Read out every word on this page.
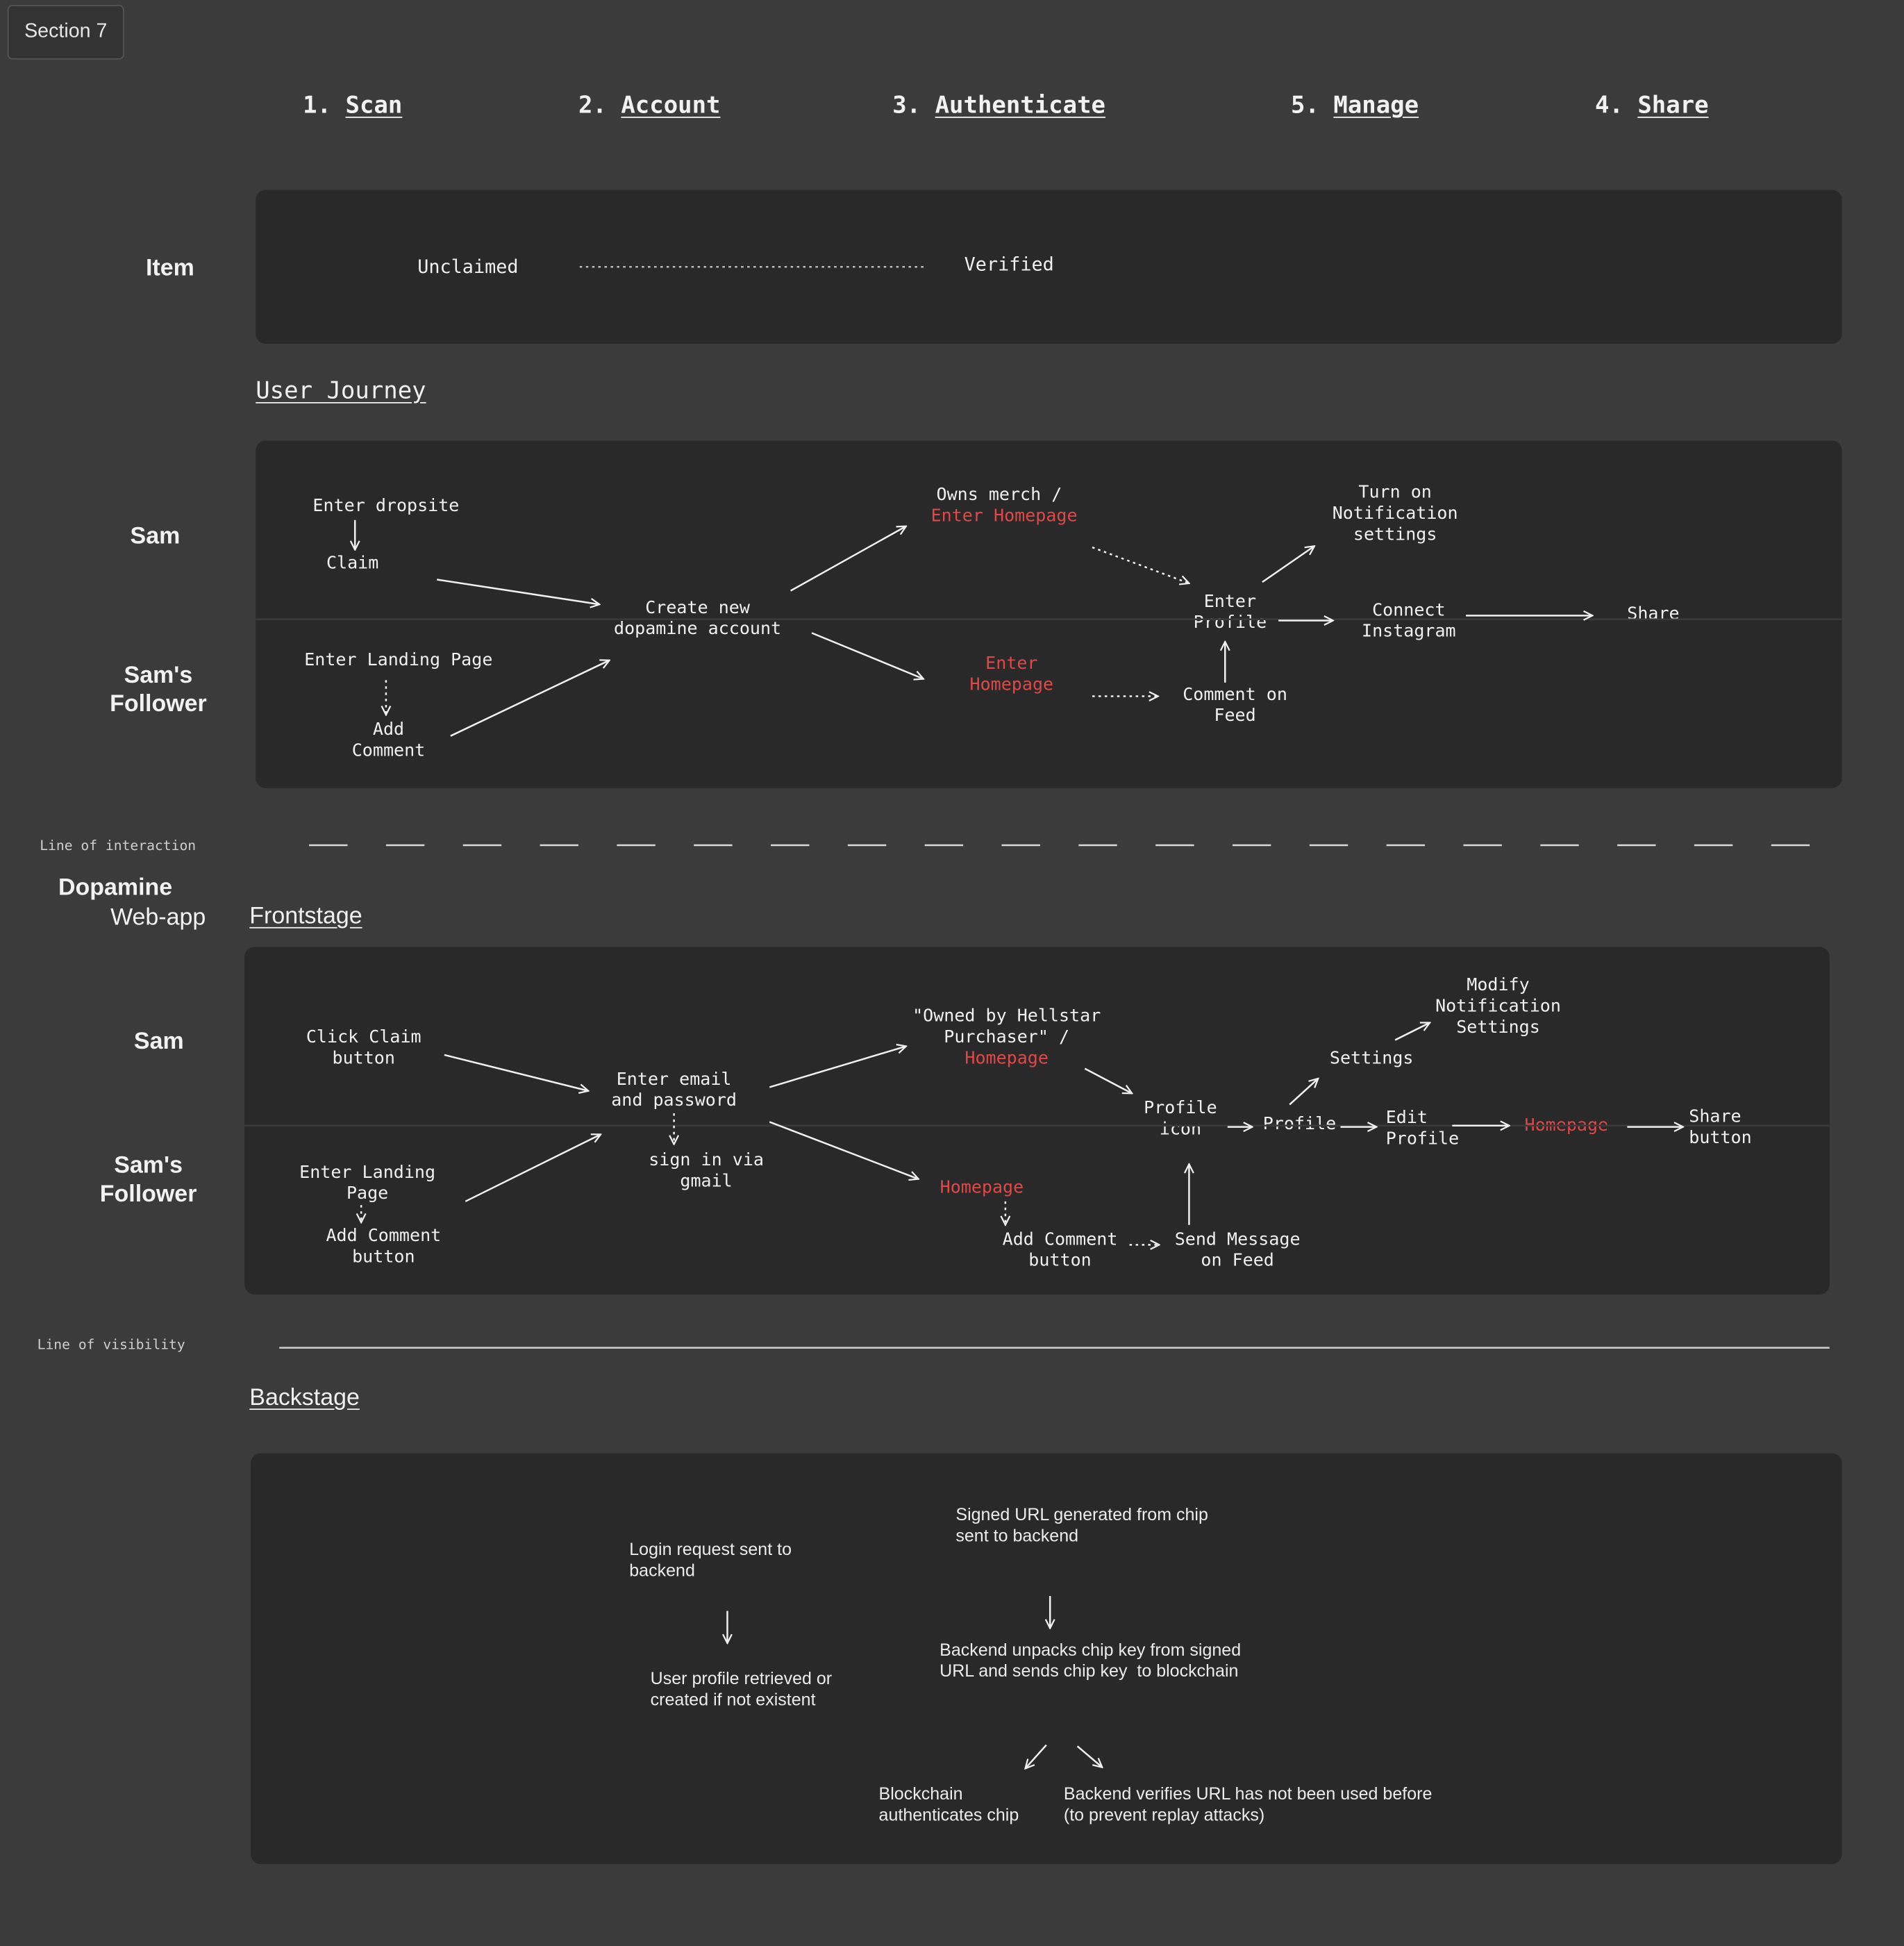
Section 7
1. Scan	2. Account	3. Authenticate	5. Manage	4. Share
Item	Unclaimed	Verified
User Journey
Sam
Sam's
Follower
Enter dropsite
Claim
Enter Landing Page
Add
Comment
Create new
dopamine account
Owns merch /
Enter Homepage
Enter
Homepage
Enter
Profile
Comment on
Feed
Turn on
Notification
settings
Connect
Instagram
Share
Line of interaction
Dopamine
Web-app	Frontstage
Sam
Sam's
Follower
Click Claim
button
Enter Landing
Page
Add Comment
button
Enter email
and password
sign in via
gmail
"Owned by Hellstar
Purchaser" /
Homepage
Homepage
Add Comment
button
Send Message
on Feed
Profile
icon	Profile
Settings
Modify
Notification
Settings
Edit
Profile
Homepage	Share
button
Line of visibility
Backstage
Login request sent to
backend
User profile retrieved or
created if not existent
Signed URL generated from chip
sent to backend
Backend unpacks chip key from signed
URL and sends chip key  to blockchain
Blockchain
authenticates chip
Backend verifies URL has not been used before
(to prevent replay attacks)
